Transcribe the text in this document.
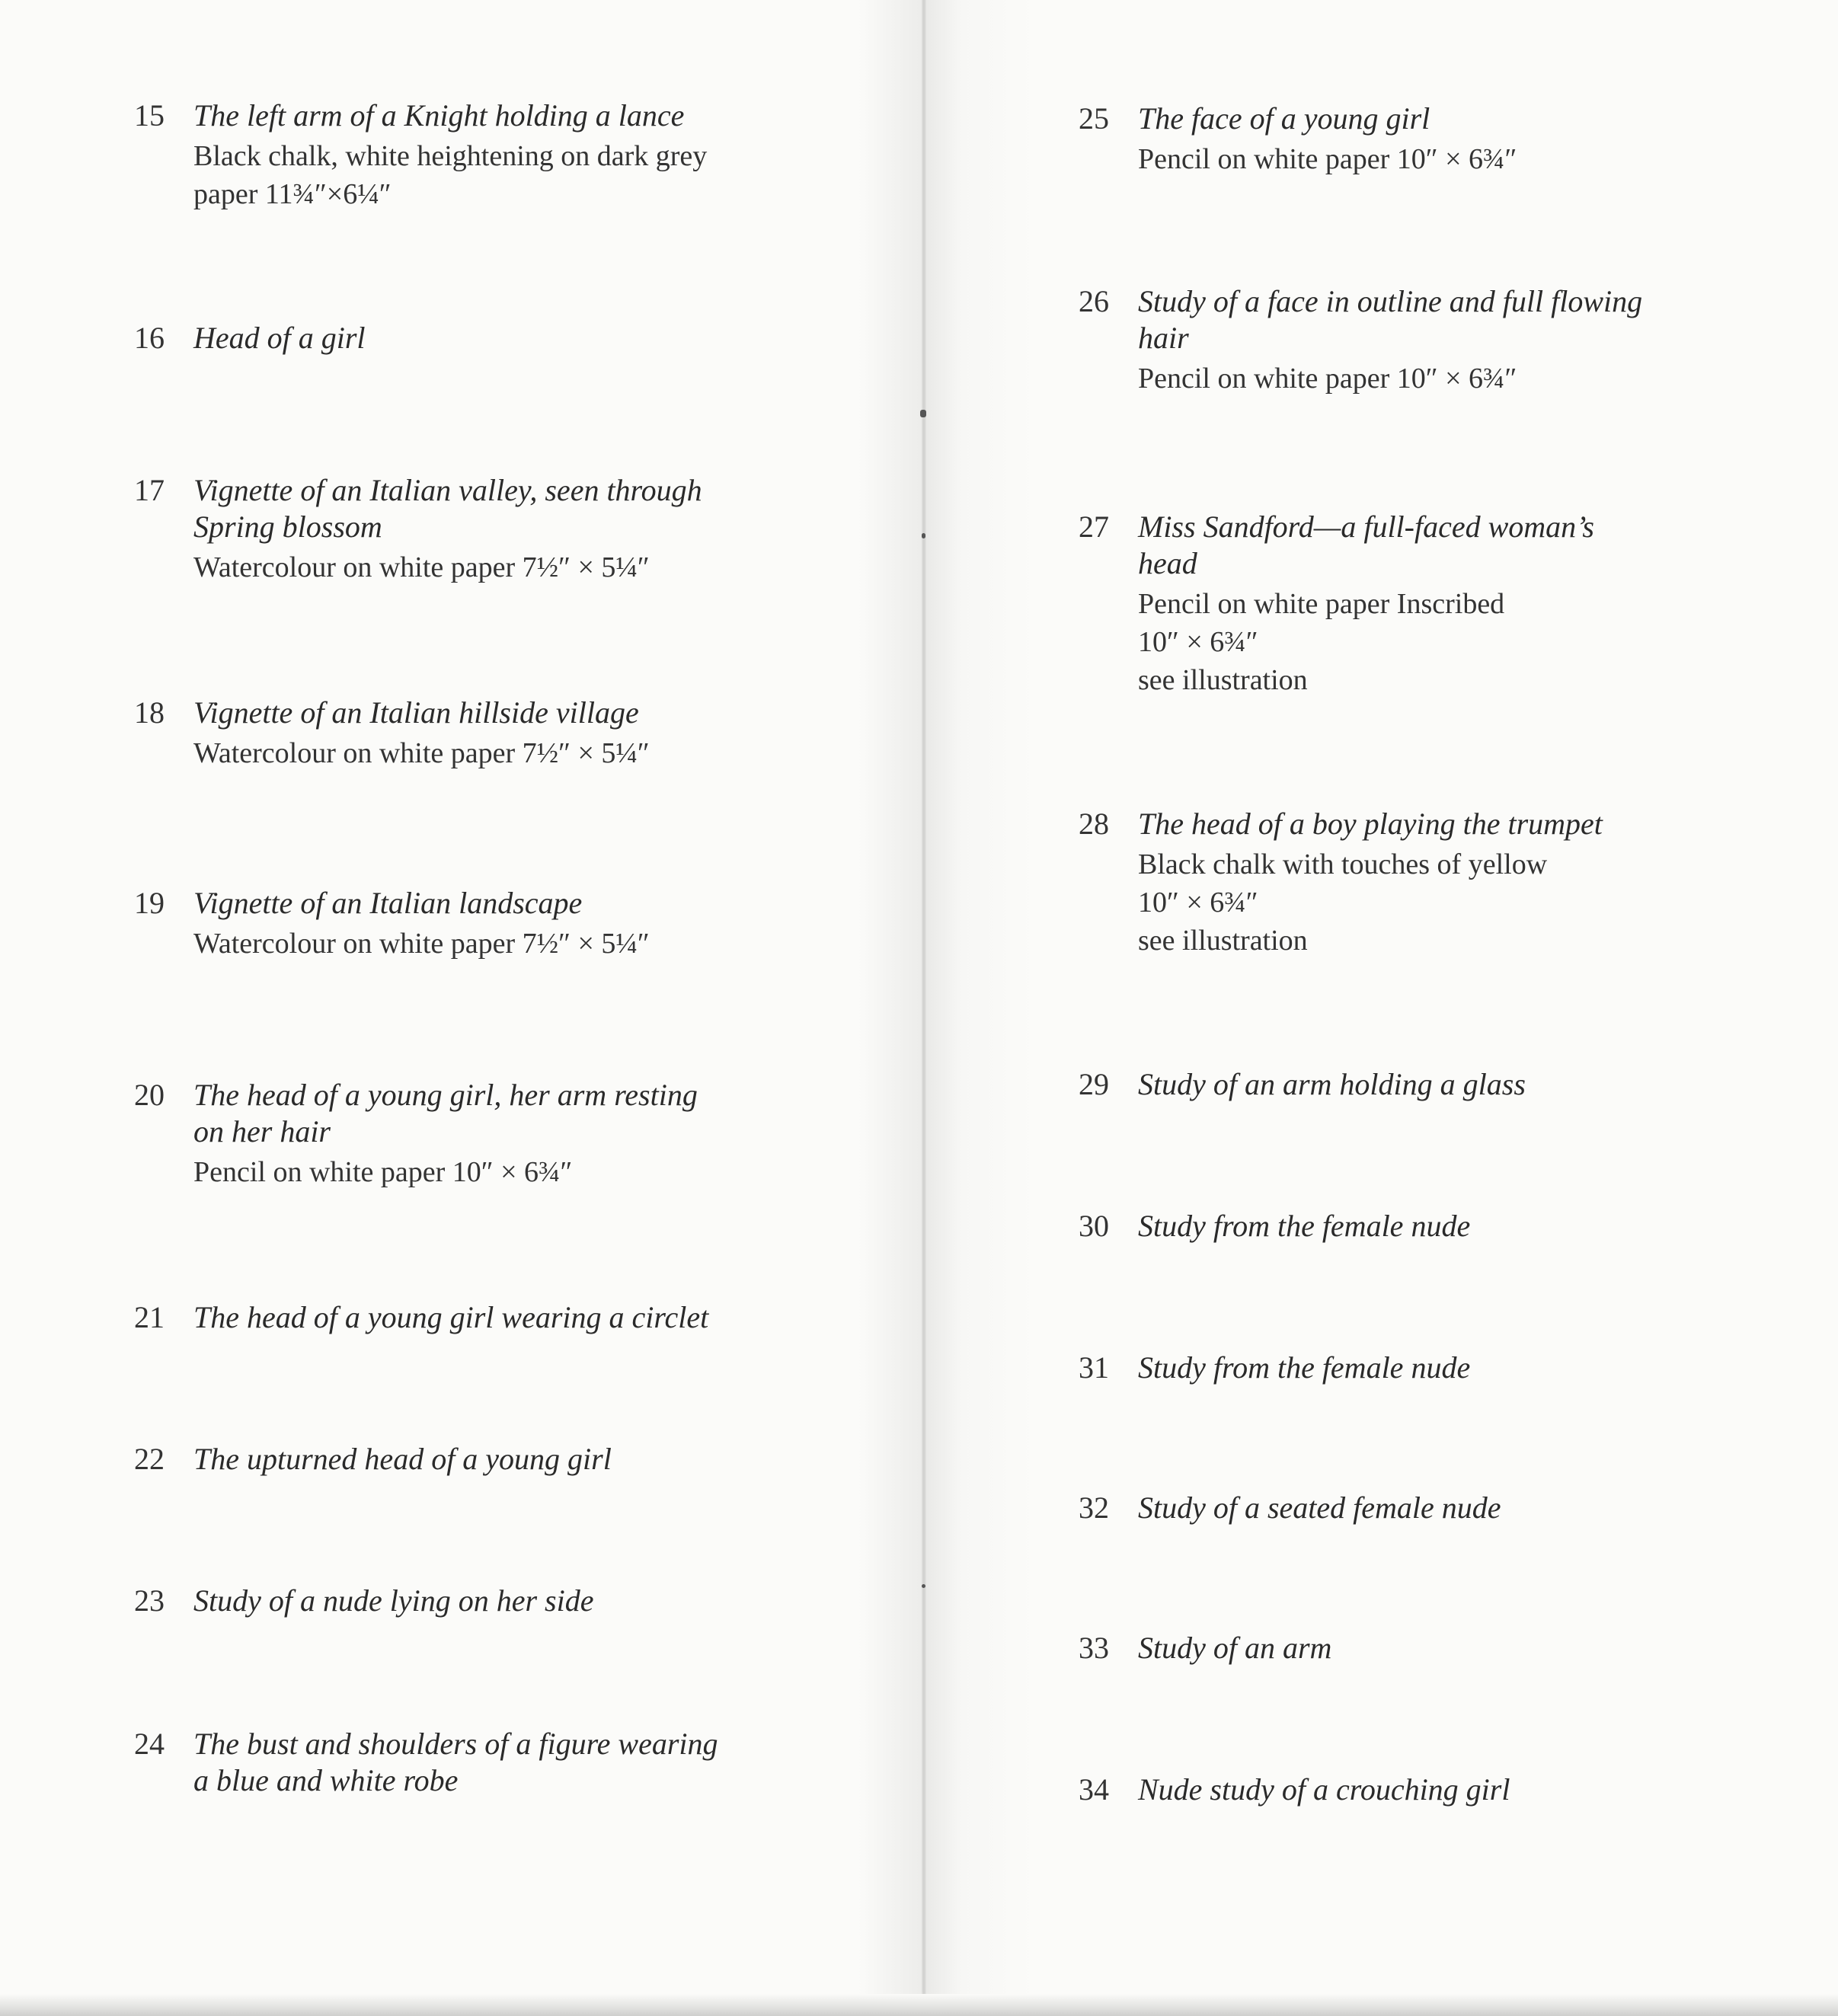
15 The left arm of a Knight holding a lance
Black chalk, white heightening on dark grey
paper 11¾″×6¼″
16 Head of a girl
17 Vignette of an Italian valley, seen through
Spring blossom
Watercolour on white paper 7½″ × 5¼″
18 Vignette of an Italian hillside village
Watercolour on white paper 7½″ × 5¼″
19 Vignette of an Italian landscape
Watercolour on white paper 7½″ × 5¼″
20 The head of a young girl, her arm resting
on her hair
Pencil on white paper 10″ × 6¾″
21 The head of a young girl wearing a circlet
22 The upturned head of a young girl
23 Study of a nude lying on her side
24 The bust and shoulders of a figure wearing
a blue and white robe
25 The face of a young girl
Pencil on white paper 10″ × 6¾″
26 Study of a face in outline and full flowing
hair
Pencil on white paper 10″ × 6¾″
27 Miss Sandford—a full-faced woman’s
head
Pencil on white paper Inscribed
10″ × 6¾″
see illustration
28 The head of a boy playing the trumpet
Black chalk with touches of yellow
10″ × 6¾″
see illustration
29 Study of an arm holding a glass
30 Study from the female nude
31 Study from the female nude
32 Study of a seated female nude
33 Study of an arm
34 Nude study of a crouching girl
